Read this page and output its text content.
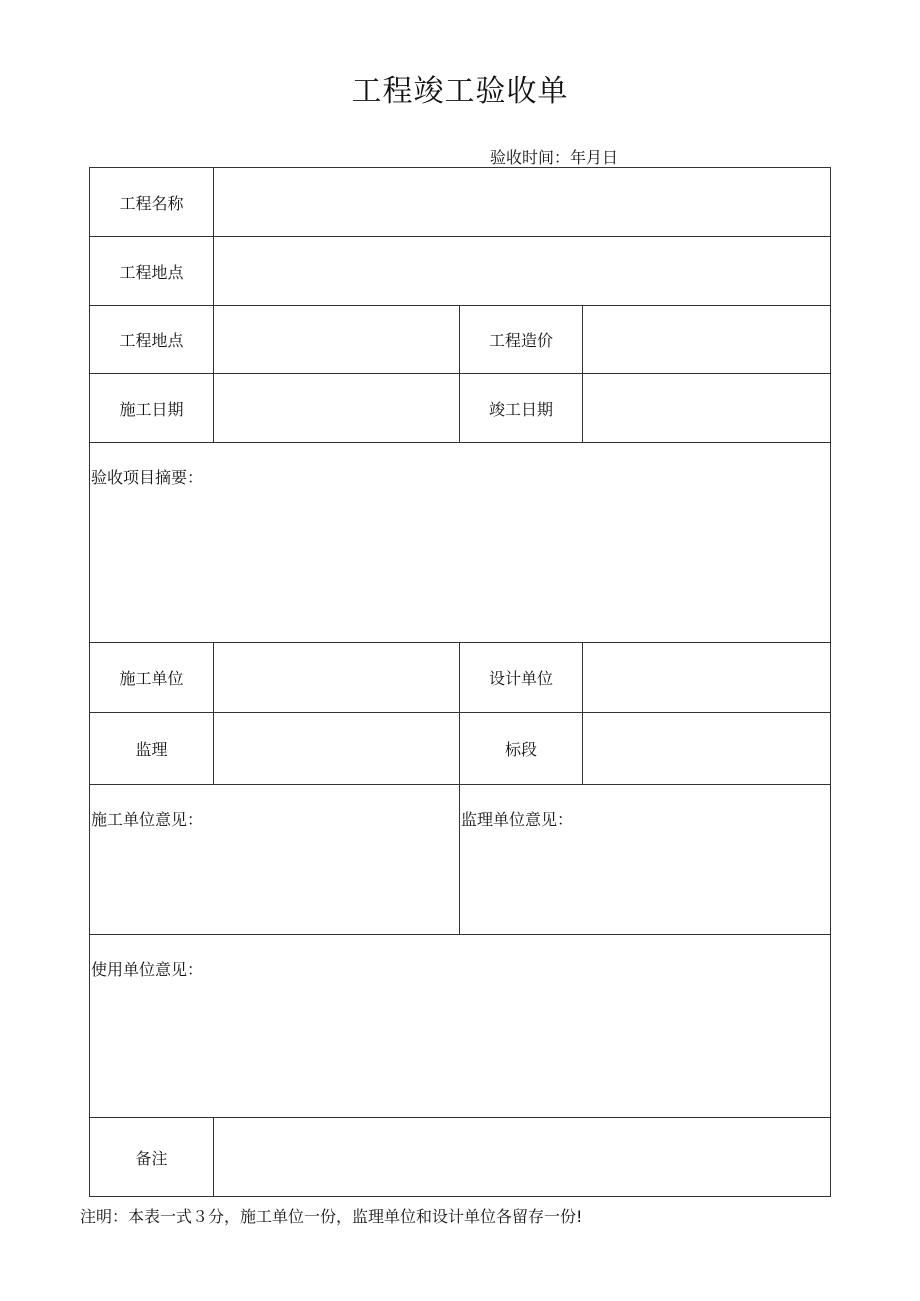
工程竣工验收单
验收时间：年月日
工程名称			
工程地点			
工程地点		工程造价	
施工日期		竣工日期	

验收项目摘要：			

施工单位		设计单位	
监理		标段	

施工单位意见：		监理单位意见：	

使用单位意见：			

备注			
注明：本表一式３分，施工单位一份，监理单位和设计单位各留存一份!
